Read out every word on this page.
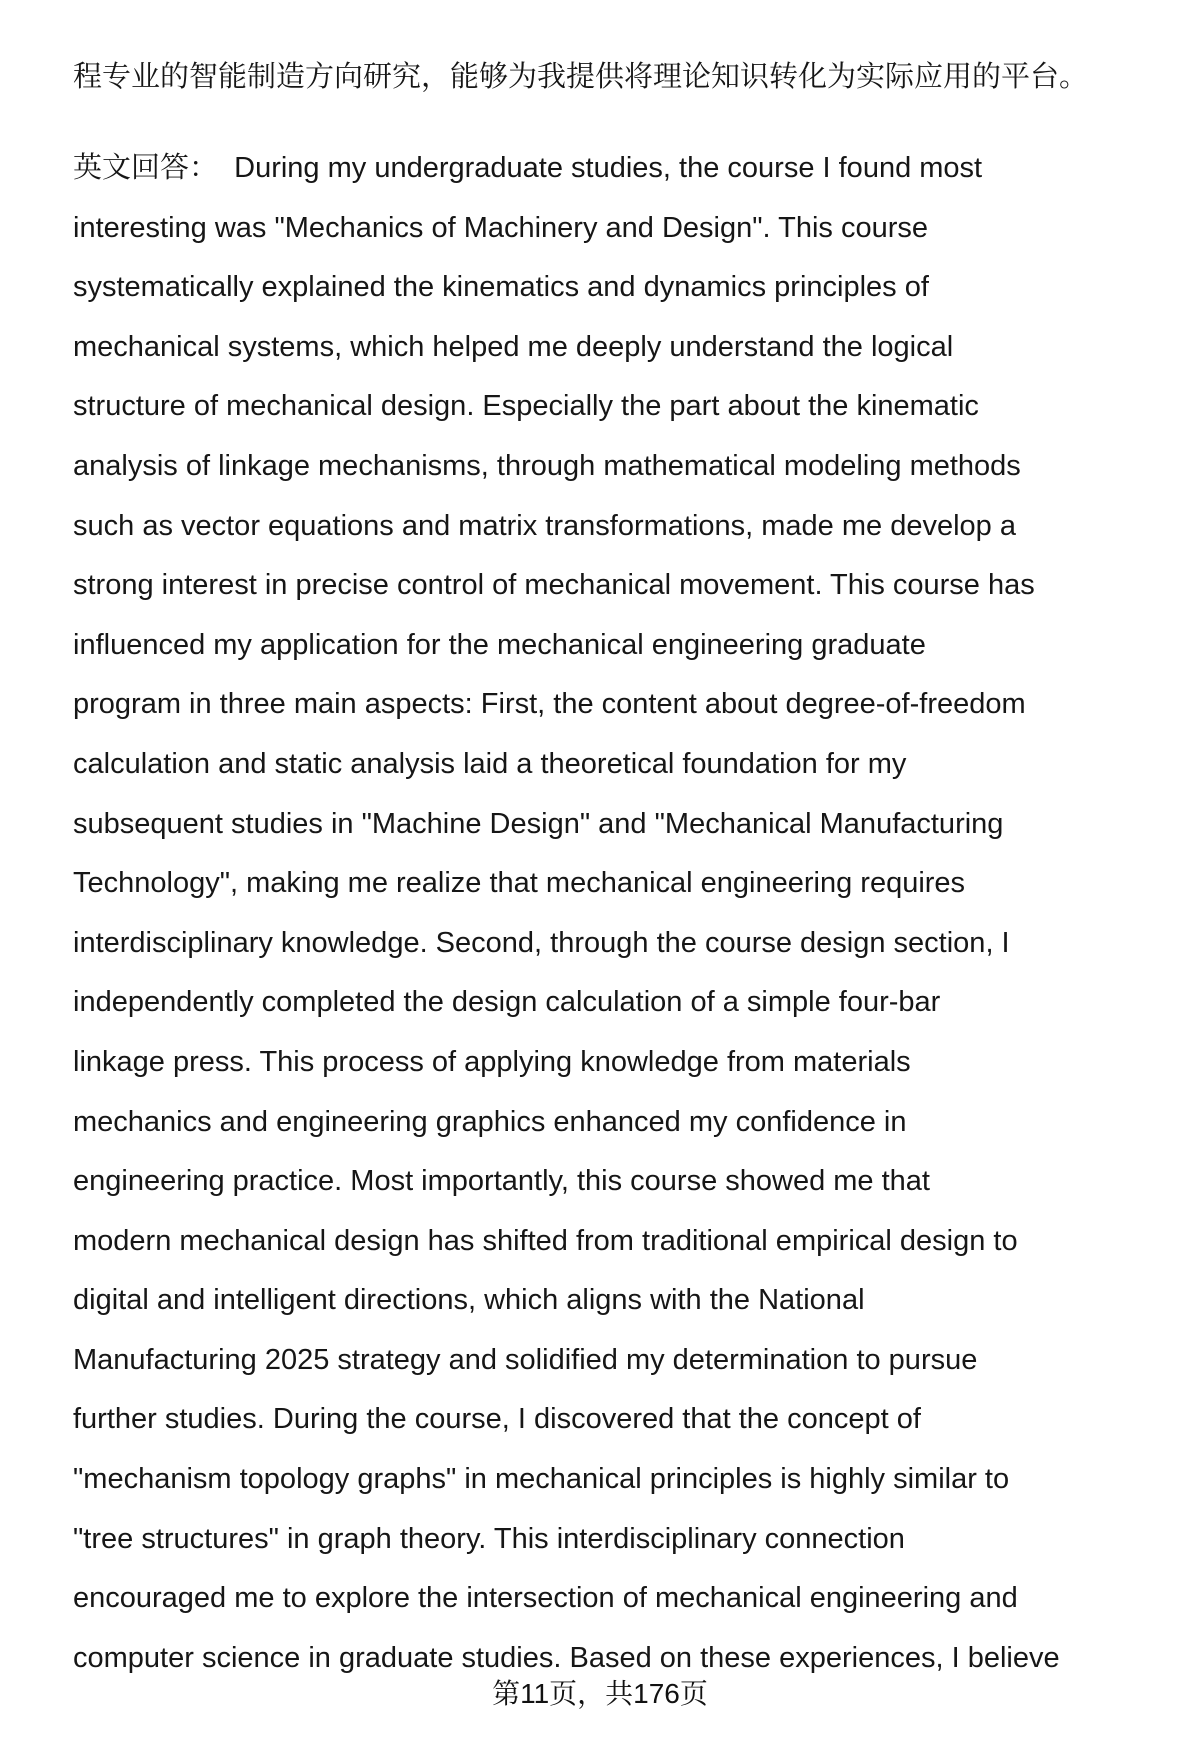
程专业的智能制造方向研究，能够为我提供将理论知识转化为实际应用的平台。
英文回答：  During my undergraduate studies, the course I found most
interesting was "Mechanics of Machinery and Design". This course
systematically explained the kinematics and dynamics principles of
mechanical systems, which helped me deeply understand the logical
structure of mechanical design. Especially the part about the kinematic
analysis of linkage mechanisms, through mathematical modeling methods
such as vector equations and matrix transformations, made me develop a
strong interest in precise control of mechanical movement. This course has
influenced my application for the mechanical engineering graduate
program in three main aspects: First, the content about degree-of-freedom
calculation and static analysis laid a theoretical foundation for my
subsequent studies in "Machine Design" and "Mechanical Manufacturing
Technology", making me realize that mechanical engineering requires
interdisciplinary knowledge. Second, through the course design section, I
independently completed the design calculation of a simple four-bar
linkage press. This process of applying knowledge from materials
mechanics and engineering graphics enhanced my confidence in
engineering practice. Most importantly, this course showed me that
modern mechanical design has shifted from traditional empirical design to
digital and intelligent directions, which aligns with the National
Manufacturing 2025 strategy and solidified my determination to pursue
further studies. During the course, I discovered that the concept of
"mechanism topology graphs" in mechanical principles is highly similar to
"tree structures" in graph theory. This interdisciplinary connection
encouraged me to explore the intersection of mechanical engineering and
computer science in graduate studies. Based on these experiences, I believe
第11页，共176页
